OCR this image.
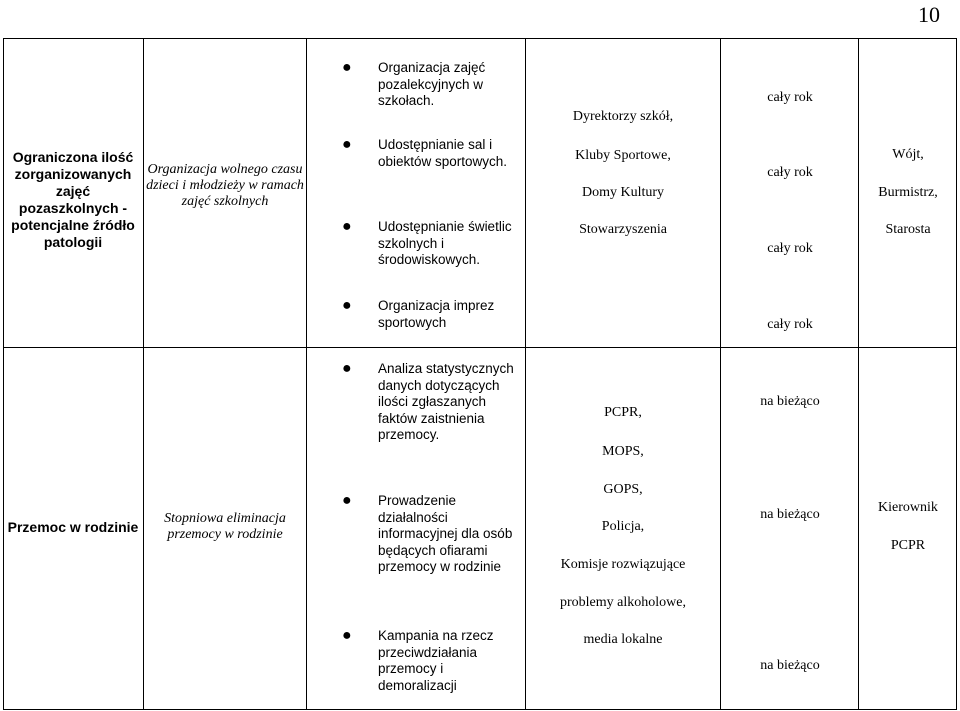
10
Ograniczona ilość zorganizowanych zajęć pozaszkolnych - potencjalne źródło patologii
Organizacja wolnego czasu dzieci i młodzieży w ramach zajęć szkolnych
● Organizacja zajęć pozalekcyjnych w szkołach.
● Udostępnianie sal i obiektów sportowych.
● Udostępnianie świetlic szkolnych i środowiskowych.
● Organizacja imprez sportowych
Dyrektorzy szkół,
Kluby Sportowe,
Domy Kultury
Stowarzyszenia
cały rok
cały rok
cały rok
cały rok
Wójt,
Burmistrz,
Starosta
Przemoc w rodzinie
Stopniowa eliminacja przemocy w rodzinie
● Analiza statystycznych danych dotyczących ilości zgłaszanych faktów zaistnienia przemocy.
● Prowadzenie działalności informacyjnej dla osób będących ofiarami przemocy w rodzinie
● Kampania na rzecz przeciwdziałania przemocy i demoralizacji
PCPR,
MOPS,
GOPS,
Policja,
Komisje rozwiązujące
problemy alkoholowe,
media lokalne
na bieżąco
na bieżąco
na bieżąco
Kierownik
PCPR
